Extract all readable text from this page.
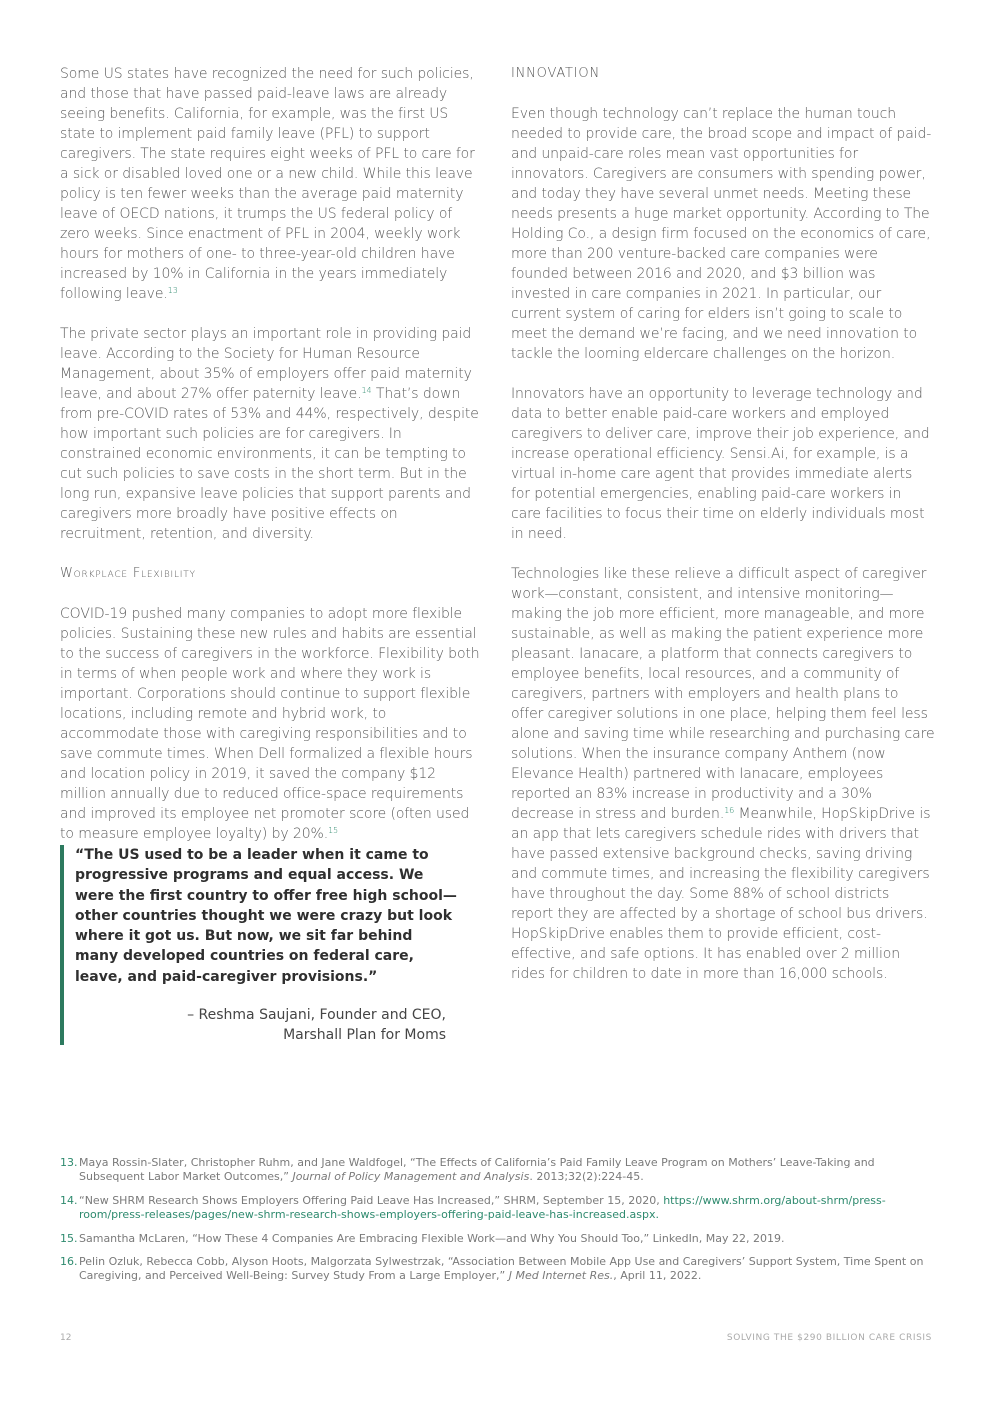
Some US states have recognized the need for such policies, and those that have passed paid-leave laws are already seeing benefits. California, for example, was the first US state to implement paid family leave (PFL) to support caregivers. The state requires eight weeks of PFL to care for a sick or disabled loved one or a new child. While this leave policy is ten fewer weeks than the average paid maternity leave of OECD nations, it trumps the US federal policy of zero weeks. Since enactment of PFL in 2004, weekly work hours for mothers of one- to three-year-old children have increased by 10% in California in the years immediately following leave.$^{13}$

The private sector plays an important role in providing paid leave. According to the Society for Human Resource Management, about 35% of employers offer paid maternity leave, and about 27% offer paternity leave.$^{14}$ That’s down from pre-COVID rates of 53% and 44%, respectively, despite how important such policies are for caregivers. In constrained economic environments, it can be tempting to cut such policies to save costs in the short term. But in the long run, expansive leave policies that support parents and caregivers more broadly have positive effects on recruitment, retention, and diversity.

Workplace Flexibility

COVID-19 pushed many companies to adopt more flexible policies. Sustaining these new rules and habits are essential to the success of caregivers in the workforce. Flexibility both in terms of when people work and where they work is important. Corporations should continue to support flexible locations, including remote and hybrid work, to accommodate those with caregiving responsibilities and to save commute times. When Dell formalized a flexible hours and location policy in 2019, it saved the company $12 million annually due to reduced office-space requirements and improved its employee net promoter score (often used to measure employee loyalty) by 20%.$^{15}$

“The US used to be a leader when it came to progressive programs and equal access. We were the first country to offer free high school—other countries thought we were crazy but look where it got us. But now, we sit far behind many developed countries on federal care, leave, and paid-caregiver provisions.”

– Reshma Saujani, Founder and CEO,
Marshall Plan for Moms

INNOVATION

Even though technology can’t replace the human touch needed to provide care, the broad scope and impact of paid- and unpaid-care roles mean vast opportunities for innovators. Caregivers are consumers with spending power, and today they have several unmet needs. Meeting these needs presents a huge market opportunity. According to The Holding Co., a design firm focused on the economics of care, more than 200 venture-backed care companies were founded between 2016 and 2020, and $3 billion was invested in care companies in 2021. In particular, our current system of caring for elders isn’t going to scale to meet the demand we’re facing, and we need innovation to tackle the looming eldercare challenges on the horizon.

Innovators have an opportunity to leverage technology and data to better enable paid-care workers and employed caregivers to deliver care, improve their job experience, and increase operational efficiency. Sensi.Ai, for example, is a virtual in-home care agent that provides immediate alerts for potential emergencies, enabling paid-care workers in care facilities to focus their time on elderly individuals most in need.

Technologies like these relieve a difficult aspect of caregiver work—constant, consistent, and intensive monitoring—making the job more efficient, more manageable, and more sustainable, as well as making the patient experience more pleasant. Ianacare, a platform that connects caregivers to employee benefits, local resources, and a community of caregivers, partners with employers and health plans to offer caregiver solutions in one place, helping them feel less alone and saving time while researching and purchasing care solutions. When the insurance company Anthem (now Elevance Health) partnered with Ianacare, employees reported an 83% increase in productivity and a 30% decrease in stress and burden.$^{16}$ Meanwhile, HopSkipDrive is an app that lets caregivers schedule rides with drivers that have passed extensive background checks, saving driving and commute times, and increasing the flexibility caregivers have throughout the day. Some 88% of school districts report they are affected by a shortage of school bus drivers. HopSkipDrive enables them to provide efficient, cost-effective, and safe options. It has enabled over 2 million rides for children to date in more than 16,000 schools.

13. Maya Rossin-Slater, Christopher Ruhm, and Jane Waldfogel, “The Effects of California’s Paid Family Leave Program on Mothers’ Leave-Taking and Subsequent Labor Market Outcomes,” Journal of Policy Management and Analysis. 2013;32(2):224-45.
14. “New SHRM Research Shows Employers Offering Paid Leave Has Increased,” SHRM, September 15, 2020, https://www.shrm.org/about-shrm/press-room/press-releases/pages/new-shrm-research-shows-employers-offering-paid-leave-has-increased.aspx.
15. Samantha McLaren, “How These 4 Companies Are Embracing Flexible Work—and Why You Should Too,” LinkedIn, May 22, 2019.
16. Pelin Ozluk, Rebecca Cobb, Alyson Hoots, Malgorzata Sylwestrzak, “Association Between Mobile App Use and Caregivers’ Support System, Time Spent on Caregiving, and Perceived Well-Being: Survey Study From a Large Employer,” J Med Internet Res., April 11, 2022.
12	SOLVING THE $290 BILLION CARE CRISIS
